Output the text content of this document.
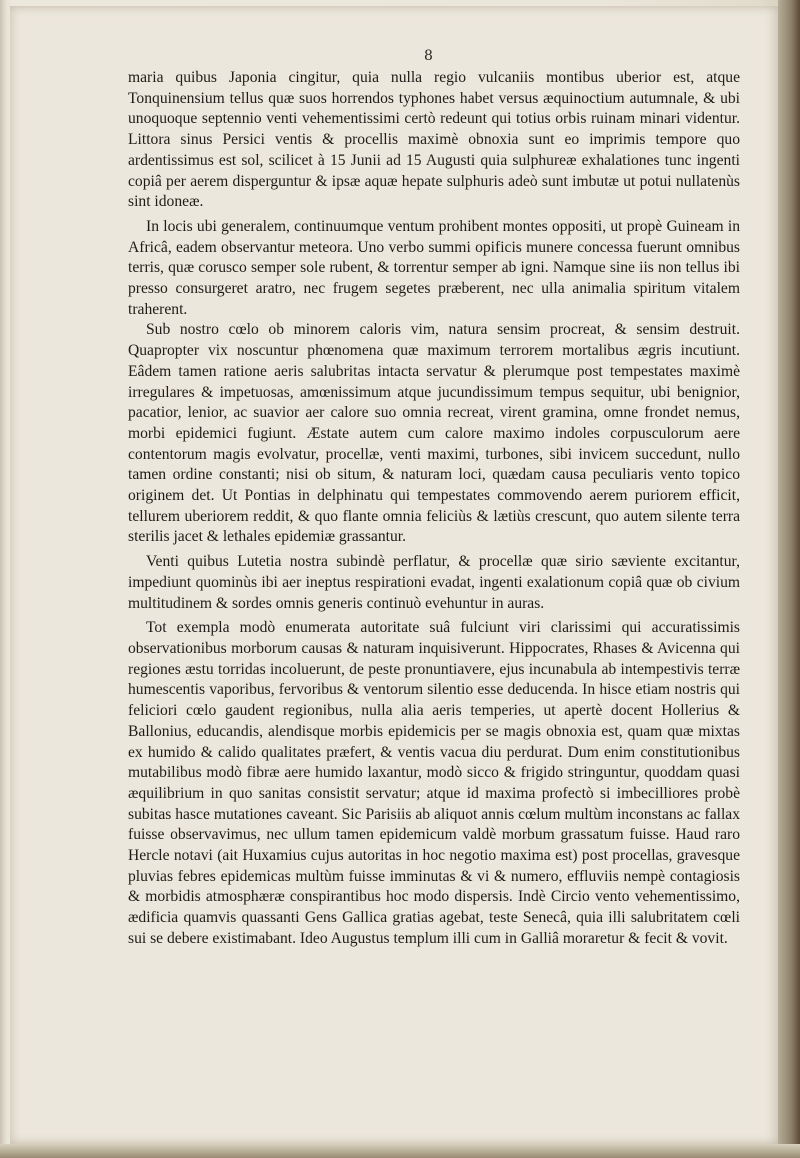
8

maria quibus Japonia cingitur, quia nulla regio vulcaniis montibus uberior est, atque Tonquinensium tellus quæ suos horrendos typhones habet versus æquinoctium autumnale, & ubi unoquoque septennio venti vehementissimi certò redeunt qui totius orbis ruinam minari videntur. Littora sinus Persici ventis & procellis maximè obnoxia sunt eo imprimis tempore quo ardentissimus est sol, scilicet à 15 Junii ad 15 Augusti quia sulphureæ exhalationes tunc ingenti copiâ per aerem disperguntur & ipsæ aquæ hepate sulphuris adeò sunt imbutæ ut potui nullatenùs sint idoneæ.

In locis ubi generalem, continuumque ventum prohibent montes oppositi, ut propè Guineam in Africâ, eadem observantur meteora. Uno verbo summi opificis munere concessa fuerunt omnibus terris, quæ corusco semper sole rubent, & torrentur semper ab igni. Namque sine iis non tellus ibi presso consurgeret aratro, nec frugem segetes præberent, nec ulla animalia spiritum vitalem traherent.

Sub nostro cœlo ob minorem caloris vim, natura sensim procreat, & sensim destruit. Quapropter vix noscuntur phœnomena quæ maximum terrorem mortalibus ægris incutiunt. Eâdem tamen ratione aeris salubritas intacta servatur & plerumque post tempestates maximè irregulares & impetuosas, amœnissimum atque jucundissimum tempus sequitur, ubi benignior, pacatior, lenior, ac suavior aer calore suo omnia recreat, virent gramina, omne frondet nemus, morbi epidemici fugiunt. Æstate autem cum calore maximo indoles corpusculorum aere contentorum magis evolvatur, procellæ, venti maximi, turbones, sibi invicem succedunt, nullo tamen ordine constanti; nisi ob situm, & naturam loci, quædam causa peculiaris vento topico originem det. Ut Pontias in delphinatu qui tempestates commovendo aerem puriorem efficit, tellurem uberiorem reddit, & quo flante omnia feliciùs & lætiùs crescunt, quo autem silente terra sterilis jacet & lethales epidemiæ grassantur.

Venti quibus Lutetia nostra subindè perflatur, & procellæ quæ sirio sæviente excitantur, impediunt quominùs ibi aer ineptus respirationi evadat, ingenti exalationum copiâ quæ ob civium multitudinem & sordes omnis generis continuò evehuntur in auras.

Tot exempla modò enumerata autoritate suâ fulciunt viri clarissimi qui accuratissimis observationibus morborum causas & naturam inquisiverunt. Hippocrates, Rhases & Avicenna qui regiones æstu torridas incoluerunt, de peste pronuntiavere, ejus incunabula ab intempestivis terræ humescentis vaporibus, fervoribus & ventorum silentio esse deducenda. In hisce etiam nostris qui feliciori cœlo gaudent regionibus, nulla alia aeris temperies, ut apertè docent Hollerius & Ballonius, educandis, alendisque morbis epidemicis per se magis obnoxia est, quam quæ mixtas ex humido & calido qualitates præfert, & ventis vacua diu perdurat. Dum enim constitutionibus mutabilibus modò fibræ aere humido laxantur, modò sicco & frigido stringuntur, quoddam quasi æquilibrium in quo sanitas consistit servatur; atque id maxima profectò si imbecilliores probè subitas hasce mutationes caveant. Sic Parisiis ab aliquot annis cœlum multùm inconstans ac fallax fuisse observavimus, nec ullum tamen epidemicum valdè morbum grassatum fuisse. Haud raro Hercle notavi (ait Huxamius cujus autoritas in hoc negotio maxima est) post procellas, gravesque pluvias febres epidemicas multùm fuisse imminutas & vi & numero, effluviis nempè contagiosis & morbidis atmosphæræ conspirantibus hoc modo dispersis. Indè Circio vento vehementissimo, ædificia quamvis quassanti Gens Gallica gratias agebat, teste Senecâ, quia illi salubritatem cœli sui se debere existimabant. Ideo Augustus templum illi cum in Galliâ moraretur & fecit & vovit.
